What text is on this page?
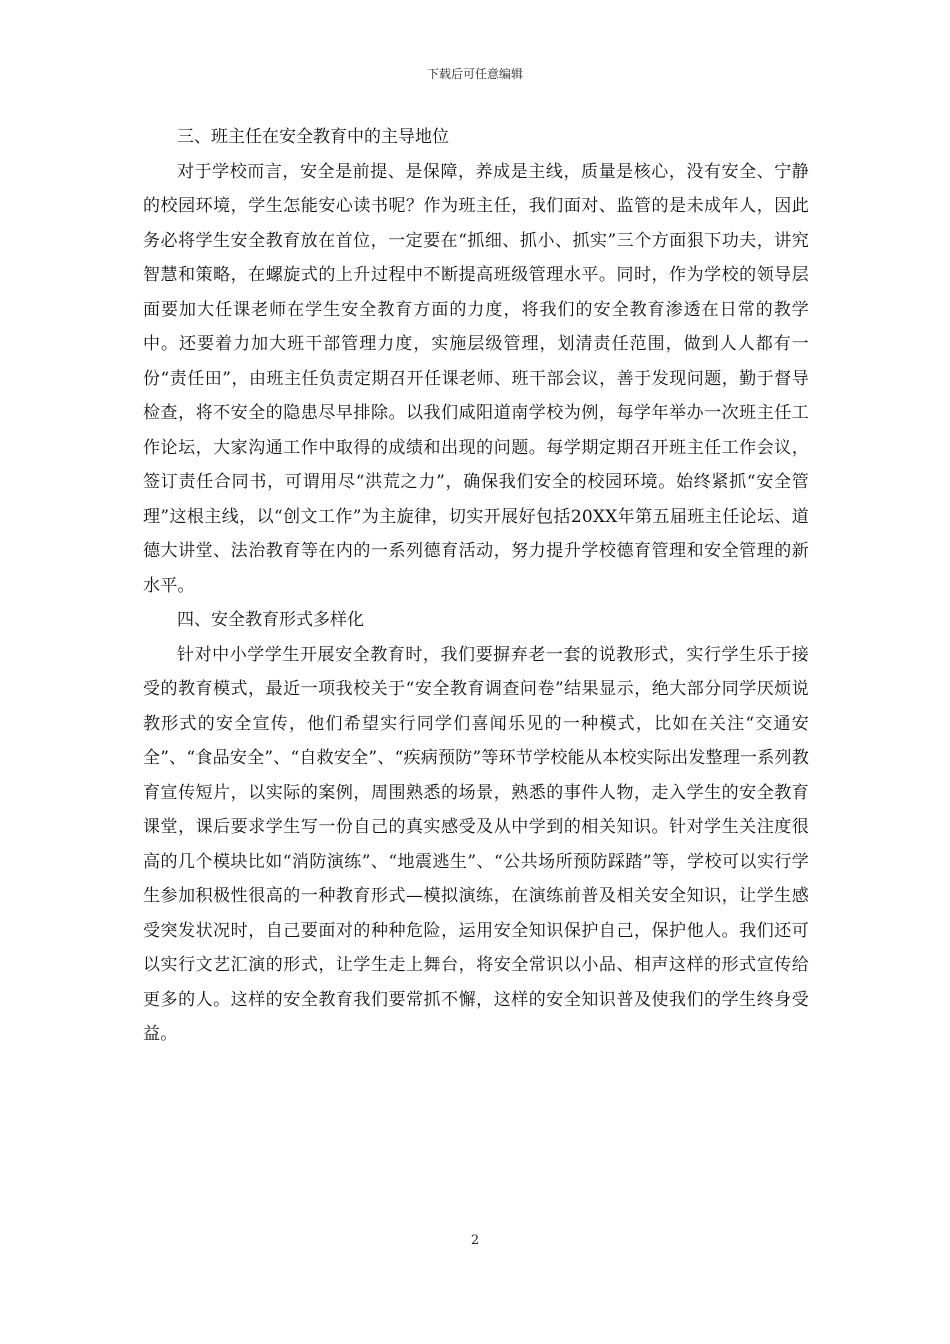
下载后可任意编辑

三、班主任在安全教育中的主导地位

对于学校而言，安全是前提、是保障，养成是主线，质量是核心，没有安全、宁静的校园环境，学生怎能安心读书呢？作为班主任，我们面对、监管的是未成年人，因此务必将学生安全教育放在首位，一定要在“抓细、抓小、抓实”三个方面狠下功夫，讲究智慧和策略，在螺旋式的上升过程中不断提高班级管理水平。同时，作为学校的领导层面要加大任课老师在学生安全教育方面的力度，将我们的安全教育渗透在日常的教学中。还要着力加大班干部管理力度，实施层级管理，划清责任范围，做到人人都有一份“责任田”，由班主任负责定期召开任课老师、班干部会议，善于发现问题，勤于督导检查，将不安全的隐患尽早排除。以我们咸阳道南学校为例，每学年举办一次班主任工作论坛，大家沟通工作中取得的成绩和出现的问题。每学期定期召开班主任工作会议，签订责任合同书，可谓用尽“洪荒之力”，确保我们安全的校园环境。始终紧抓“安全管理”这根主线，以“创文工作”为主旋律，切实开展好包括20XX年第五届班主任论坛、道德大讲堂、法治教育等在内的一系列德育活动，努力提升学校德育管理和安全管理的新水平。

四、安全教育形式多样化

针对中小学学生开展安全教育时，我们要摒弃老一套的说教形式，实行学生乐于接受的教育模式，最近一项我校关于“安全教育调查问卷”结果显示，绝大部分同学厌烦说教形式的安全宣传，他们希望实行同学们喜闻乐见的一种模式，比如在关注“交通安全”、“食品安全”、“自救安全”、“疾病预防”等环节学校能从本校实际出发整理一系列教育宣传短片，以实际的案例，周围熟悉的场景，熟悉的事件人物，走入学生的安全教育课堂，课后要求学生写一份自己的真实感受及从中学到的相关知识。针对学生关注度很高的几个模块比如“消防演练”、“地震逃生”、“公共场所预防踩踏”等，学校可以实行学生参加积极性很高的一种教育形式—模拟演练，在演练前普及相关安全知识，让学生感受突发状况时，自己要面对的种种危险，运用安全知识保护自己，保护他人。我们还可以实行文艺汇演的形式，让学生走上舞台，将安全常识以小品、相声这样的形式宣传给更多的人。这样的安全教育我们要常抓不懈，这样的安全知识普及使我们的学生终身受益。

2
